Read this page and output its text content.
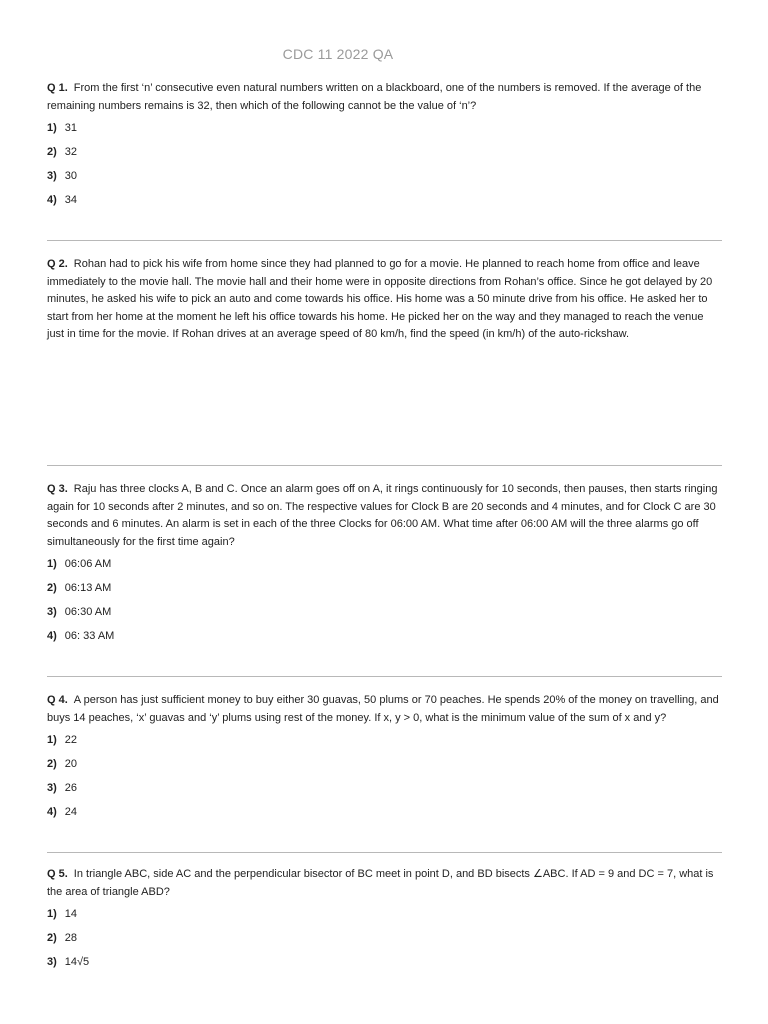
CDC 11 2022 QA

Q 1. From the first ‘n’ consecutive even natural numbers written on a blackboard, one of the numbers is removed. If the average of the remaining numbers remains is 32, then which of the following cannot be the value of ‘n’?

1) 31
2) 32
3) 30
4) 34

Q 2. Rohan had to pick his wife from home since they had planned to go for a movie. He planned to reach home from office and leave immediately to the movie hall. The movie hall and their home were in opposite directions from Rohan’s office. Since he got delayed by 20 minutes, he asked his wife to pick an auto and come towards his office. His home was a 50 minute drive from his office. He asked her to start from her home at the moment he left his office towards his home. He picked her on the way and they managed to reach the venue just in time for the movie. If Rohan drives at an average speed of 80 km/h, find the speed (in km/h) of the auto-rickshaw.

Q 3. Raju has three clocks A, B and C. Once an alarm goes off on A, it rings continuously for 10 seconds, then pauses, then starts ringing again for 10 seconds after 2 minutes, and so on. The respective values for Clock B are 20 seconds and 4 minutes, and for Clock C are 30 seconds and 6 minutes. An alarm is set in each of the three Clocks for 06:00 AM. What time after 06:00 AM will the three alarms go off simultaneously for the first time again?

1) 06:06 AM
2) 06:13 AM
3) 06:30 AM
4) 06: 33 AM

Q 4. A person has just sufficient money to buy either 30 guavas, 50 plums or 70 peaches. He spends 20% of the money on travelling, and buys 14 peaches, ‘x’ guavas and ‘y’ plums using rest of the money. If x, y > 0, what is the minimum value of the sum of x and y?

1) 22
2) 20
3) 26
4) 24

Q 5. In triangle ABC, side AC and the perpendicular bisector of BC meet in point D, and BD bisects ∠ABC. If AD = 9 and DC = 7, what is the area of triangle ABD?

1) 14
2) 28
3) 14√5
